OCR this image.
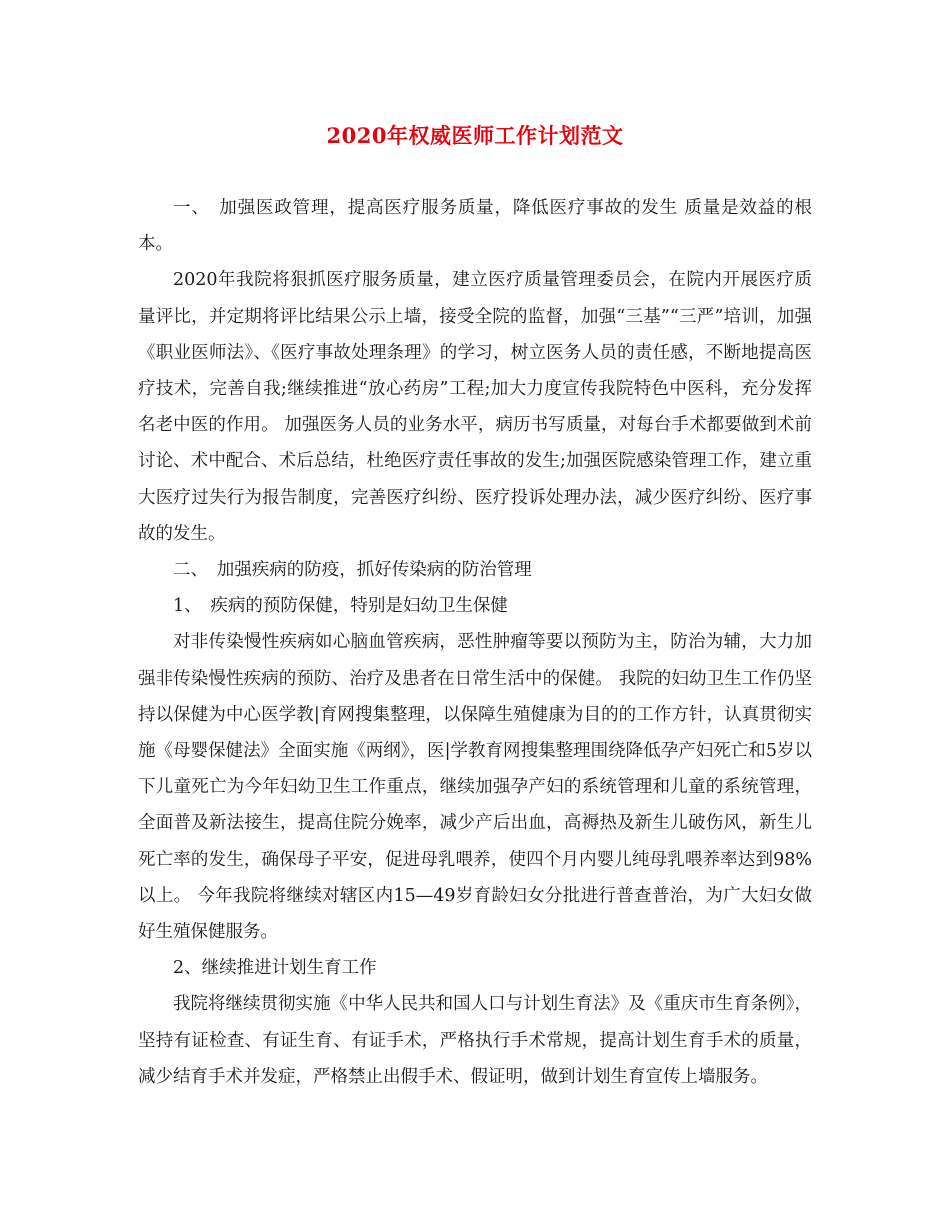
2020年权威医师工作计划范文

一、　加强医政管理，提高医疗服务质量，降低医疗事故的发生 质量是效益的根本。

2020年我院将狠抓医疗服务质量，建立医疗质量管理委员会，在院内开展医疗质量评比，并定期将评比结果公示上墙，接受全院的监督，加强“三基”“三严”培训，加强《职业医师法》、《医疗事故处理条理》的学习，树立医务人员的责任感，不断地提高医疗技术，完善自我;继续推进“放心药房”工程;加大力度宣传我院特色中医科，充分发挥名老中医的作用。 加强医务人员的业务水平，病历书写质量，对每台手术都要做到术前讨论、术中配合、术后总结，杜绝医疗责任事故的发生;加强医院感染管理工作，建立重大医疗过失行为报告制度，完善医疗纠纷、医疗投诉处理办法，减少医疗纠纷、医疗事故的发生。

二、　加强疾病的防疫，抓好传染病的防治管理

1、　疾病的预防保健，特别是妇幼卫生保健

对非传染慢性疾病如心脑血管疾病，恶性肿瘤等要以预防为主，防治为辅，大力加强非传染慢性疾病的预防、治疗及患者在日常生活中的保健。 我院的妇幼卫生工作仍坚持以保健为中心医学教|育网搜集整理，以保障生殖健康为目的的工作方针，认真贯彻实施《母婴保健法》全面实施《两纲》，医|学教育网搜集整理围绕降低孕产妇死亡和5岁以下儿童死亡为今年妇幼卫生工作重点，继续加强孕产妇的系统管理和儿童的系统管理，全面普及新法接生，提高住院分娩率，减少产后出血，高褥热及新生儿破伤风，新生儿死亡率的发生，确保母子平安，促进母乳喂养，使四个月内婴儿纯母乳喂养率达到98%以上。 今年我院将继续对辖区内15—49岁育龄妇女分批进行普查普治，为广大妇女做好生殖保健服务。

2、继续推进计划生育工作

我院将继续贯彻实施《中华人民共和国人口与计划生育法》及《重庆市生育条例》，坚持有证检查、有证生育、有证手术，严格执行手术常规，提高计划生育手术的质量，减少结育手术并发症，严格禁止出假手术、假证明，做到计划生育宣传上墙服务。
